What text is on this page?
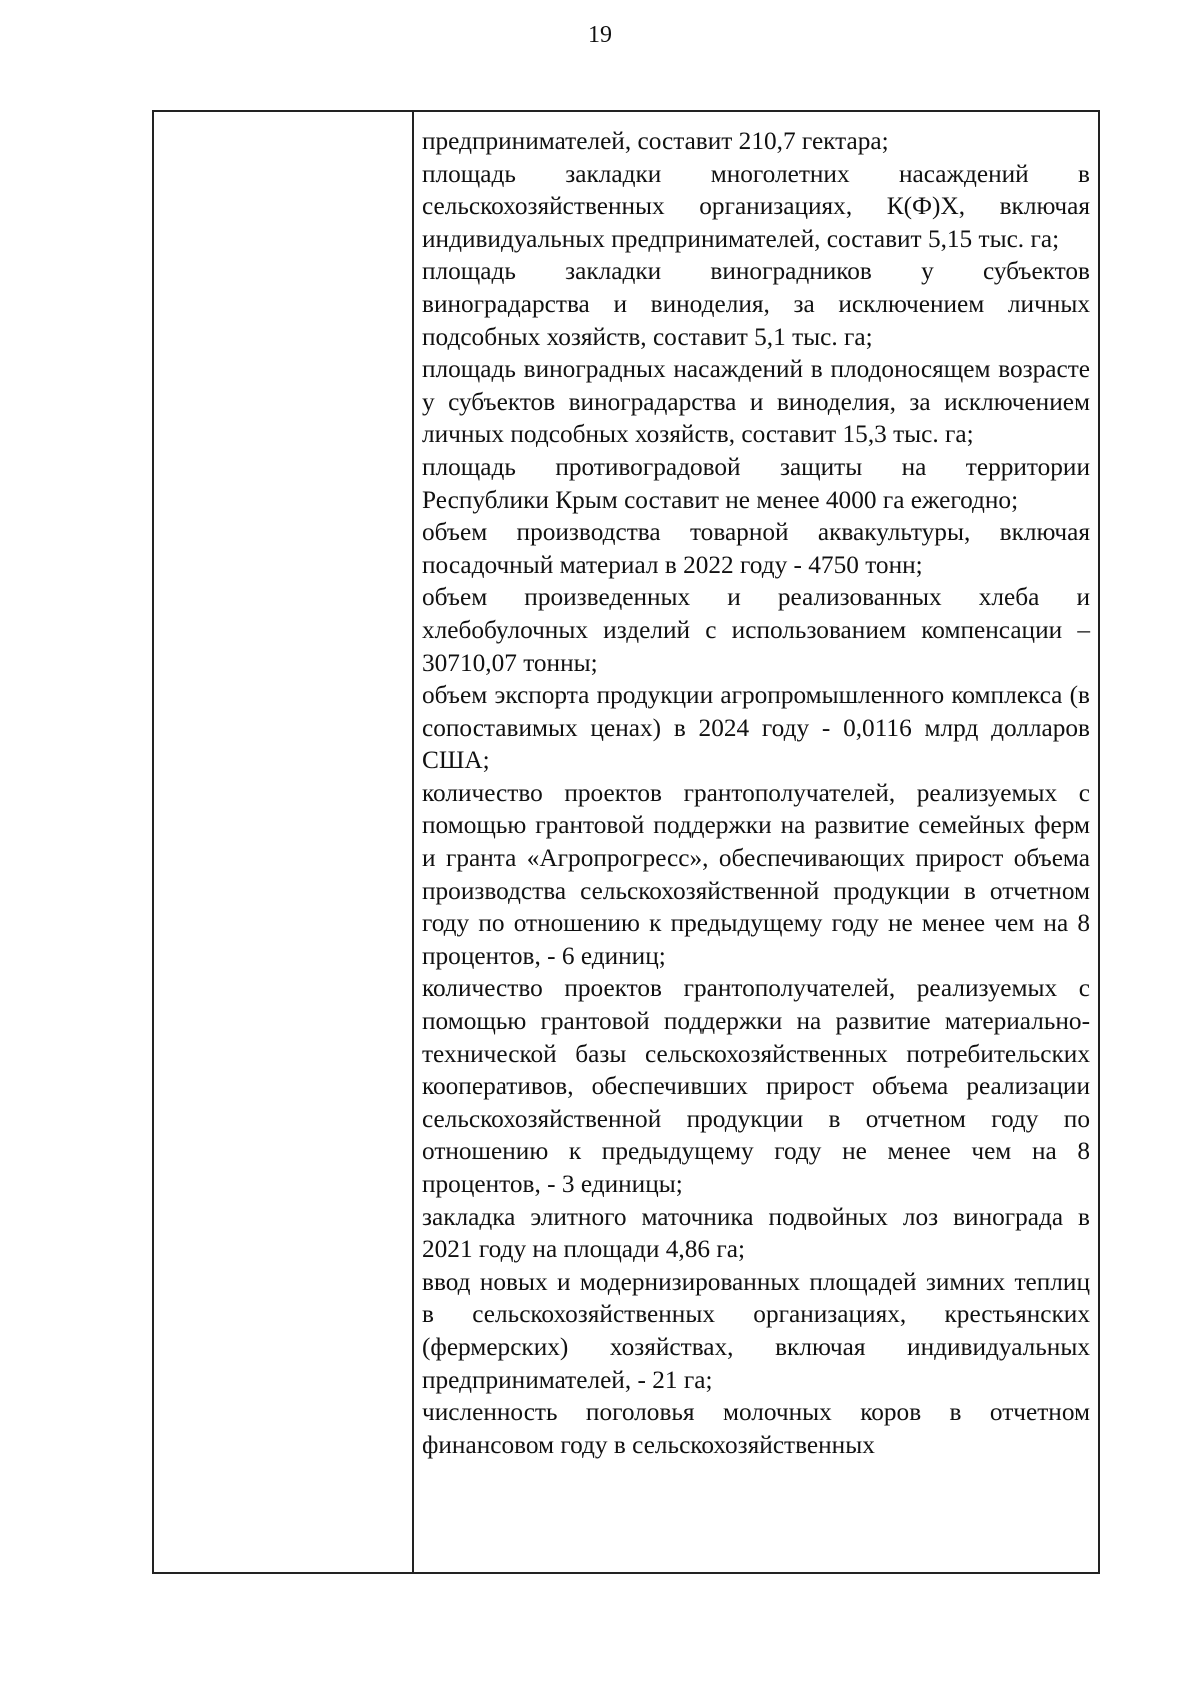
19

предпринимателей, составит 210,7 гектара;

площадь закладки многолетних насаждений в сельскохозяйственных организациях, К(Ф)Х, включая индивидуальных предпринимателей, составит 5,15 тыс. га;

площадь закладки виноградников у субъектов виноградарства и виноделия, за исключением личных подсобных хозяйств, составит 5,1 тыс. га;

площадь виноградных насаждений в плодоносящем возрасте у субъектов виноградарства и виноделия, за исключением личных подсобных хозяйств, составит 15,3 тыс. га;

площадь противоградовой защиты на территории Республики Крым составит не менее 4000 га ежегодно;

объем производства товарной аквакультуры, включая посадочный материал в 2022 году - 4750 тонн;

объем произведенных и реализованных хлеба и хлебобулочных изделий с использованием компенсации – 30710,07 тонны;

объем экспорта продукции агропромышленного комплекса (в сопоставимых ценах) в 2024 году - 0,0116 млрд долларов США;

количество проектов грантополучателей, реализуемых с помощью грантовой поддержки на развитие семейных ферм и гранта «Агропрогресс», обеспечивающих прирост объема производства сельскохозяйственной продукции в отчетном году по отношению к предыдущему году не менее чем на 8 процентов, - 6 единиц;

количество проектов грантополучателей, реализуемых с помощью грантовой поддержки на развитие материально-технической базы сельскохозяйственных потребительских кооперативов, обеспечивших прирост объема реализации сельскохозяйственной продукции в отчетном году по отношению к предыдущему году не менее чем на 8 процентов, - 3 единицы;

закладка элитного маточника подвойных лоз винограда в 2021 году на площади 4,86 га;

ввод новых и модернизированных площадей зимних теплиц в сельскохозяйственных организациях, крестьянских (фермерских) хозяйствах, включая индивидуальных предпринимателей, - 21 га;

численность поголовья молочных коров в отчетном финансовом году в сельскохозяйственных
